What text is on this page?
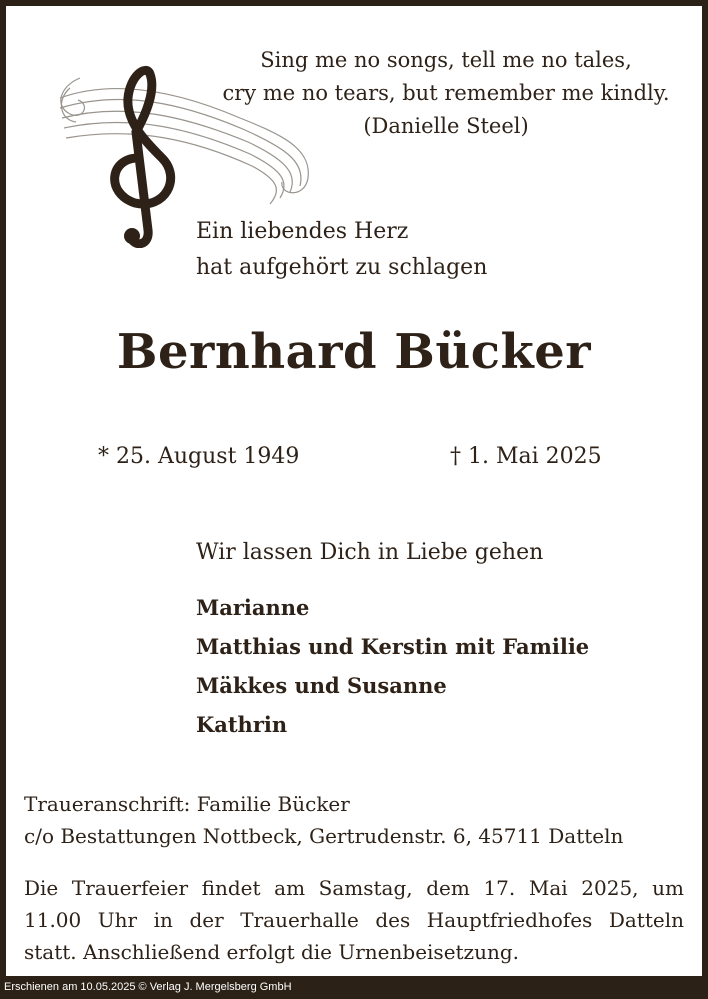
Sing me no songs, tell me no tales,
cry me no tears, but remember me kindly.
(Danielle Steel)
Ein liebendes Herz
hat aufgehört zu schlagen
Bernhard Bücker
* 25. August 1949	† 1. Mai 2025
Wir lassen Dich in Liebe gehen
Marianne
Matthias und Kerstin mit Familie
Mäkkes und Susanne
Kathrin
Traueranschrift: Familie Bücker
c/o Bestattungen Nottbeck, Gertrudenstr. 6, 45711 Datteln
Die Trauerfeier findet am Samstag, dem 17. Mai 2025, um
11.00 Uhr in der Trauerhalle des Hauptfriedhofes Datteln
statt. Anschließend erfolgt die Urnenbeisetzung.
Erschienen am 10.05.2025 © Verlag J. Mergelsberg GmbH
